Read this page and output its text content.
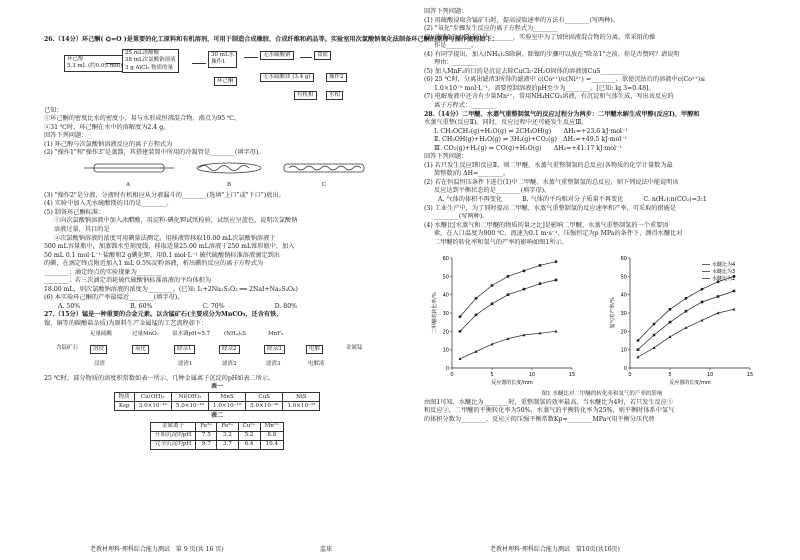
26.（14分）环己酮( ⌬=O )是重要的化工原料和有机溶剂，可用于制造合成橡胶、合成纤维和药品等。实验室用次氯酸钠氧化法制备环己酮的原理与操作流程如下：
环己醇
5.3 mL (约0.05 mol)
25 mL冰醋酸
38 mL次氯酸钠溶液
3 g AlCl₃ 物质的量
30 mL水
操作1
无水碳酸钠	食盐
无水硫酸镁 (3.4 g)	操作2
环己酮
水相
有机相
已知：
①环己酮的密度比水的密度小，易与水形成恒沸混合物，沸点为95 ℃。
②31 ℃时，环己酮在水中的溶解度为2.4 g。
回答下列问题：
(1) 环己醇与次氯酸钠溶液反应的离子方程式为
(2) "操作1"和"操作3"是蒸馏，其搭建装置中所用的冷凝管是________(填字母)。
A	B	C
(3) "操作2"是分液，分液时有机相应从分液漏斗的________(选填"上口"或"下口")放出。
(4) 实验中加入无水硫酸镁的目的是________。
(5) 制备环己酮标准：
①向次氯酸钠溶液中加入冰醋酸，用淀粉-碘化钾试纸检验，试纸应呈蓝色，说明次氯酸钠
溶液过量，其目的是
②次氯酸钠溶液的浓度可用碘量法测定，用移液管移取10.00 mL次氯酸钠溶液于
500 mL容量瓶中，加蒸馏水至刻度线，移取适量25.00 mL溶液于250 mL锥形瓶中，加入
50 mL 0.1 mol·L⁻¹ 盐酸和2 g碘化钾，用0.1 mol·L⁻¹ 硫代硫酸钠标准溶液滴定到出
的碘，在滴定终点附近加入1 mL 0.5%淀粉溶液，析出碘的反应的离子方程式为
________；滴定终点的实验现象为________
________；若三次滴定消耗硫代硫酸钠标准溶液的平均体积为
18.00 mL，则次氯酸钠溶液的浓度为________。(已知: I₂+2Na₂S₂O₃ ══ 2NaI+Na₂S₄O₆)
(6) 本实验环己酮的产率最接近________(填字母)。
A. 50%	B. 60%	C. 70%	D. 80%
27.（15分）锰是一种重要的合金元素。以含锰矿石(主要成分为MnCO₃，还含有铁、
镍、铜等的碳酸盐杂质)为原料生产金属锰的工艺流程如下：
足量硫酸	过量MnO₂ 氨水调pH≈5.7	(NH₄)₂S	MnF₂
含锰矿石	溶浸	氧化	除杂1	除杂2	除杂3	电解	金属锰
浸渣	滤渣1	滤渣2	滤渣3	电解液
25 ℃时，部分物质的溶度积常数如表一所示，几种金属离子沉淀的pH如表二所示。
表一
物质	Cu(OH)₂	Ni(OH)₂	MnS	CuS	NiS
Ksp	3.0×10⁻¹⁹	5.0×10⁻¹⁶	1.0×10⁻¹³	5.0×10⁻³⁶	1.0×10⁻²²
表二
金属离子	Fe³⁺	Fe²⁺	Cu²⁺	Mn²⁺
开始沉淀的pH	7.5	3.2	5.2	8.8
完全沉淀的pH	9.7	3.7	6.4	10.4
老教材理科·理科综合能力测试　第 9 页(共 16 页)	监球
回答下列问题：
(1) 用硫酸浸取含锰矿石时，提高浸取速率的方法有________(写两种)。
(2) "氧化"步骤发生反应的离子方程式为________
(3) 滤渣1的主要成分是________，实验室中为了加快固液混合物的分离，常采用的操
作是________。
(4) 有同学提出，加入(NH₄)₂S除铜、除镍的步骤可以放在"除杂1"之前，你是否赞同？请说明
理由：________
(5) 加入MnF₂的目的是沉淀去除CuCl₂·2H₂O固体的溶液加CuS________
(6) 25 ℃时，分离出滤渣3所得的滤液中 c(Co²⁺)/c(Ni²⁺) =________。欲使沉钴后的溶液中c(Co²⁺)≤
1.0×10⁻⁵ mol·L⁻¹，需要控制溶液的pH至少为________。[已知: lg 3≈0.48]。
(7) 电解废液中还含有少量Mn²⁺，常用NH₄HCO₃溶液，有沉淀和气体生成，写出该反应的
离子方程式：________
28.（14分）二甲醚、水蒸气重整制氢气的反应过程分为两步：二甲醚水解生成甲醇(反应Ⅰ)，甲醇和
水蒸气重整(反应Ⅱ)。同时，反应过程中还可能发生反应Ⅲ。
Ⅰ. CH₃OCH₃(g)+H₂O(g) ⇌ 2CH₃OH(g)　　ΔH₁=+23.6 kJ·mol⁻¹
Ⅱ. CH₃OH(g)+H₂O(g) ⇌ 3H₂(g)+CO₂(g)　ΔH₂=+49.5 kJ·mol⁻¹
Ⅲ. CO₂(g)+H₂(g) ⇌ CO(g)+H₂O(g)　　ΔH₃=+41.17 kJ·mol⁻¹
回答下列问题：
(1) 若只发生反应Ⅰ和反应Ⅱ，则二甲醚、水蒸气重整制氢的总反应(各物质的化学计量数为最
简整数)的 ΔH=________。
(2) 若在恒温恒压条件下进行(1)中二甲醚、水蒸气重整制氢的总反应，则下列说法中能说明该
反应达到平衡状态的是________(填字母)。
A. 气体的体积不再变化	B. 气体的平均相对分子质量不再变化	C. n(H₂):n(CO₂)=3:1
(3) 工业生产中，为了同时提高二甲醚、水蒸气重整制氢的反应速率和产率，可采取的措施是
________(写两种)。
(4) 水醚比[水蒸气和二甲醚的物质的量之比]是影响二甲醚、水蒸气重整制氢的一个重要因
素，在入口温度为900 ℃、流速为0.1 m·s⁻¹、压强恒定为p MPa的条件下，测得水醚比对
二甲醚的转化率和氢气的产率的影响如图1所示。
0
10
20
30
40
50
60
0	5	10	15
二甲醚的转化率/%
反应器的长度/mm
0
10
20
30
40
50
60
0	5	10	15
氢气的产率/%
反应器的长度/mm
水醚比为4
水醚比为3
水醚比为2
图1 水醚比对二甲醚的转化率和氢气的产率的影响
由图1可知，水醚比为________时，重整制氢的效率最高。当水醚比为4时，若只发生反应①
和反应②，二甲醚的平衡转化率为50%，水蒸气的平衡转化率为25%，则平衡时体系中氢气
的体积分数为________，反应②的压强平衡常数Kp=________MPa²(用平衡分压代替
老教材理科·理科综合能力测试　第10页(共16页)
